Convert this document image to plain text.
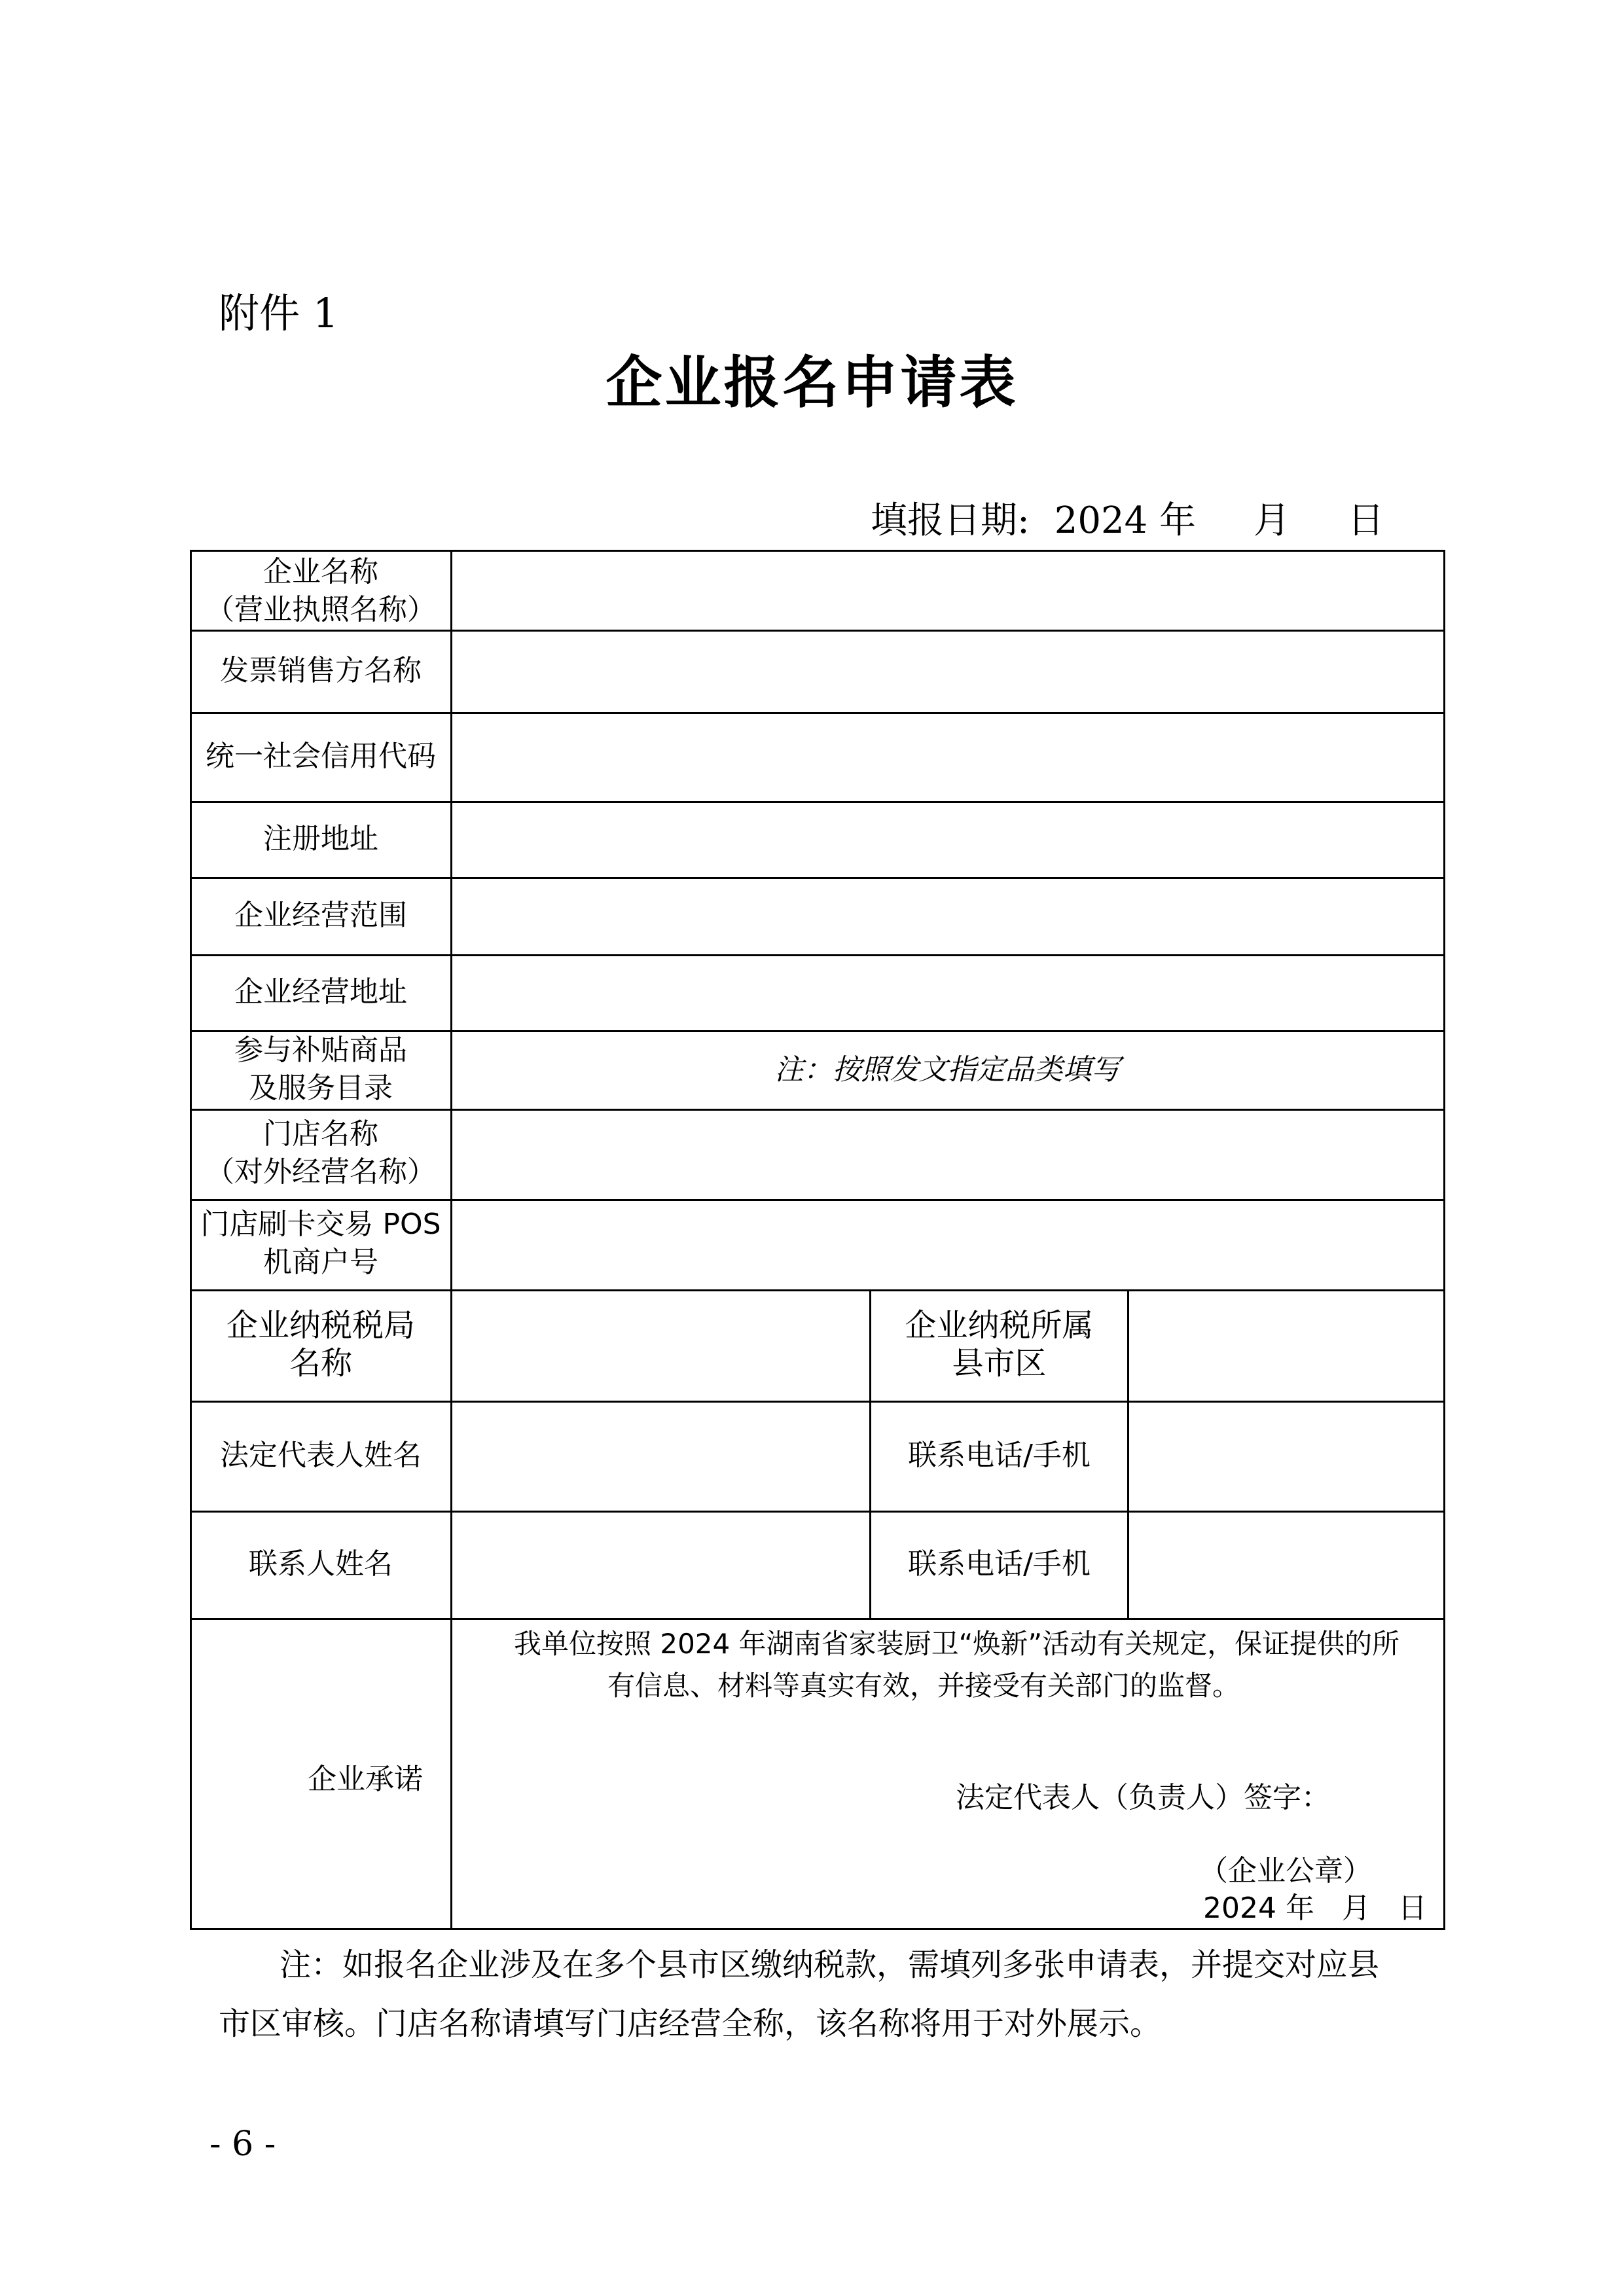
附件 1
企业报名申请表
填报日期: 2024 年 月 日
企业名称
（营业执照名称）
发票销售方名称
统一社会信用代码
注册地址
企业经营范围
企业经营地址
参与补贴商品
及服务目录
注：按照发文指定品类填写
门店名称
（对外经营名称）
门店刷卡交易 POS
机商户号
企业纳税税局
名称
企业纳税所属
县市区
法定代表人姓名	联系电话/手机
联系人姓名	联系电话/手机
企业承诺
我单位按照 2024 年湖南省家装厨卫“焕新”活动有关规定，保证提供的所
有信息、材料等真实有效，并接受有关部门的监督。
法定代表人（负责人）签字：
（企业公章）
2024 年   月   日
注：如报名企业涉及在多个县市区缴纳税款，需填列多张申请表，并提交对应县
市区审核。门店名称请填写门店经营全称，该名称将用于对外展示。
- 6 -
